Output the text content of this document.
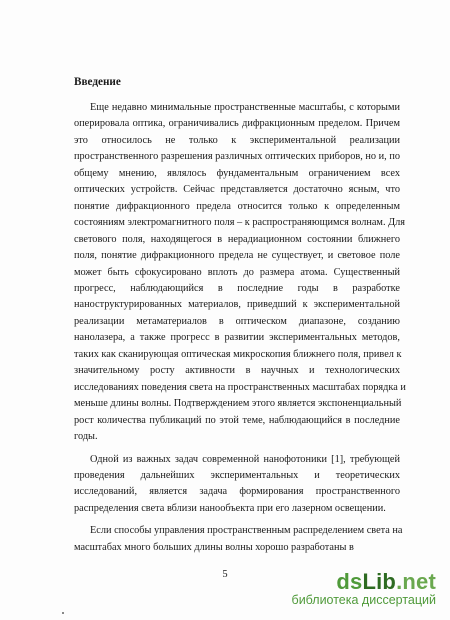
Введение
Еще недавно минимальные пространственные масштабы, с которыми
оперировала оптика, ограничивались дифракционным пределом. Причем
это относилось не только к экспериментальной реализации
пространственного разрешения различных оптических приборов, но и, по
общему мнению, являлось фундаментальным ограничением всех
оптических устройств. Сейчас представляется достаточно ясным, что
понятие дифракционного предела относится только к определенным
состояниям электромагнитного поля – к распространяющимся волнам. Для
светового поля, находящегося в нерадиационном состоянии ближнего
поля, понятие дифракционного предела не существует, и световое поле
может быть сфокусировано вплоть до размера атома. Существенный
прогресс, наблюдающийся в последние годы в разработке
наноструктурированных материалов, приведший к экспериментальной
реализации метаматериалов в оптическом диапазоне, созданию
нанолазера, а также прогресс в развитии экспериментальных методов,
таких как сканирующая оптическая микроскопия ближнего поля, привел к
значительному росту активности в научных и технологических
исследованиях поведения света на пространственных масштабах порядка и
меньше длины волны. Подтверждением этого является экспоненциальный
рост количества публикаций по этой теме, наблюдающийся в последние
годы.
Одной из важных задач современной нанофотоники [1], требующей
проведения дальнейших экспериментальных и теоретических
исследований, является задача формирования пространственного
распределения света вблизи нанообъекта при его лазерном освещении.
Если способы управления пространственным распределением света на
масштабах много больших длины волны хорошо разработаны в
5	dsLib.net
библиотека диссертаций
